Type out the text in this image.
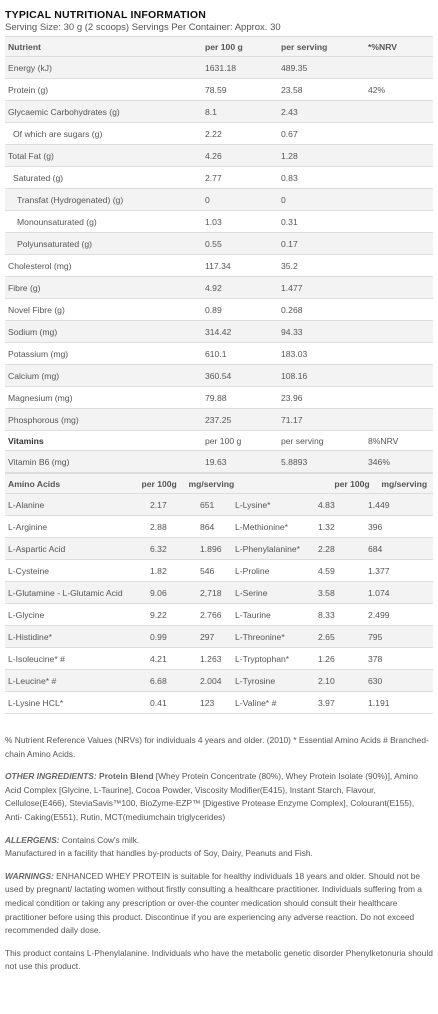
TYPICAL NUTRITIONAL INFORMATION
Serving Size: 30 g (2 scoops) Servings Per Container: Approx. 30
Nutrient	per 100 g	per serving	*%NRV
Energy (kJ)	1631.18	489.35
Protein (g)	78.59	23.58	42%
Glycaemic Carbohydrates (g)	8.1	2.43
Of which are sugars (g)	2.22	0.67
Total Fat (g)	4.26	1.28
Saturated (g)	2.77	0.83
Transfat (Hydrogenated) (g)	0	0
Monounsaturated (g)	1.03	0.31
Polyunsaturated (g)	0.55	0.17
Cholesterol (mg)	117.34	35.2
Fibre (g)	4.92	1.477
Novel Fibre (g)	0.89	0.268
Sodium (mg)	314.42	94.33
Potassium (mg)	610.1	183.03
Calcium (mg)	360.54	108.16
Magnesium (mg)	79.88	23.96
Phosphorous (mg)	237.25	71.17
Vitamins	per 100 g	per serving	8%NRV
Vitamin B6 (mg)	19.63	5.8893	346%
Amino Acids	per 100g	mg/serving	per 100g	mg/serving
L-Alanine	2.17	651	L-Lysine*	4.83	1.449
L-Arginine	2.88	864	L-Methionine*	1.32	396
L-Aspartic Acid	6.32	1.896	L-Phenylalanine*	2.28	684
L-Cysteine	1.82	546	L-Proline	4.59	1.377
L-Glutamine - L-Glutamic Acid	9.06	2,718	L-Serine	3.58	1.074
L-Glycine	9.22	2.766	L-Taurine	8.33	2.499
L-Histidine*	0.99	297	L-Threonine*	2.65	795
L-Isoleucine* #	4.21	1.263	L-Tryptophan*	1.26	378
L-Leucine* #	6.68	2.004	L-Tyrosine	2.10	630
L-Lysine HCL*	0.41	123	L-Valine* #	3.97	1.191
% Nutrient Reference Values (NRVs) for individuals 4 years and older. (2010) * Essential Amino Acids # Branched-chain Amino Acids.
OTHER INGREDIENTS: Protein Blend [Whey Protein Concentrate (80%), Whey Protein Isolate (90%)], Amino Acid Complex [Glycine, L-Taurine], Cocoa Powder, Viscosity Modifier(E415), Instant Starch, Flavour, Cellulose(E466), SteviaSavis™100, BioZyme-EZP™ [Digestive Protease Enzyme Complex], Colourant(E155), Anti- Caking(E551), Rutin, MCT(mediumchain triglycerides)
ALLERGENS: Contains Cow's milk.
Manufactured in a facility that handles by-products of Soy, Dairy, Peanuts and Fish.
WARNINGS: ENHANCED WHEY PROTEIN is suitable for healthy individuals 18 years and older. Should not be used by pregnant/ lactating women without firstly consulting a healthcare practitioner. Individuals suffering from a medical condition or taking any prescription or over-the counter medication should consult their healthcare practitioner before using this product. Discontinue if you are experiencing any adverse reaction. Do not exceed recommended daily dose.
This product contains L-Phenylalanine. Individuals who have the metabolic genetic disorder Phenylketonuria should not use this product.
